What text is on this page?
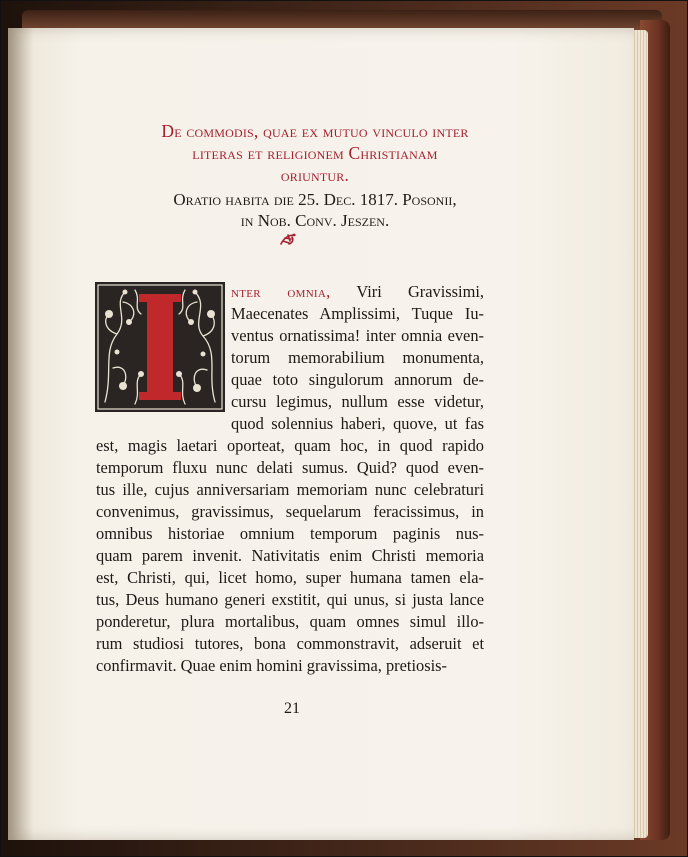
De commodis, quae ex mutuo vinculo inter
literas et religionem Christianam
oriuntur.
Oratio habita die 25. Dec. 1817. Posonii,
in Nob. Conv. Jeszen.
I
nter omnia, Viri Gravissimi,
Maecenates Amplissimi, Tuque Iu-
ventus ornatissima! inter omnia even-
torum memorabilium monumenta,
quae toto singulorum annorum de-
cursu legimus, nullum esse videtur,
quod solennius haberi, quove, ut fas
est, magis laetari oporteat, quam hoc, in quod rapido
temporum fluxu nunc delati sumus. Quid? quod even-
tus ille, cujus anniversariam memoriam nunc celebraturi
convenimus, gravissimus, sequelarum feracissimus, in
omnibus historiae omnium temporum paginis nus-
quam parem invenit. Nativitatis enim Christi memoria
est, Christi, qui, licet homo, super humana tamen ela-
tus, Deus humano generi exstitit, qui unus, si justa lance
ponderetur, plura mortalibus, quam omnes simul illo-
rum studiosi tutores, bona commonstravit, adseruit et
confirmavit. Quae enim homini gravissima, pretiosis-
21
